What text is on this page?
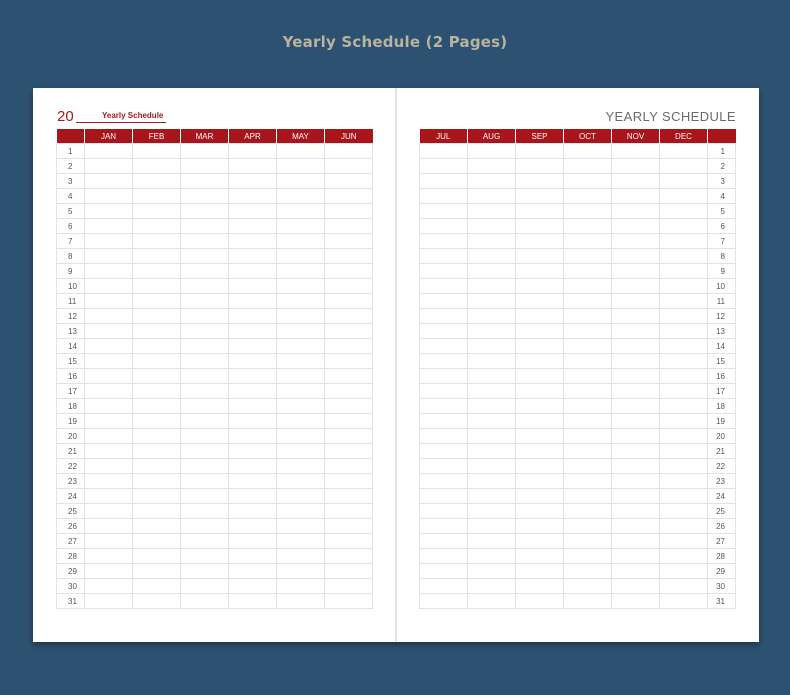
Yearly Schedule (2 Pages)
20	Yearly Schedule
	JAN	FEB	MAR	APR	MAY	JUN
1						
2						
3						
4						
5						
6						
7						
8						
9						
10						
11						
12						
13						
14						
15						
16						
17						
18						
19						
20						
21						
22						
23						
24						
25						
26						
27						
28						
29						
30						
31						
YEARLY SCHEDULE
JUL	AUG	SEP	OCT	NOV	DEC	
						1
						2
						3
						4
						5
						6
						7
						8
						9
						10
						11
						12
						13
						14
						15
						16
						17
						18
						19
						20
						21
						22
						23
						24
						25
						26
						27
						28
						29
						30
						31
